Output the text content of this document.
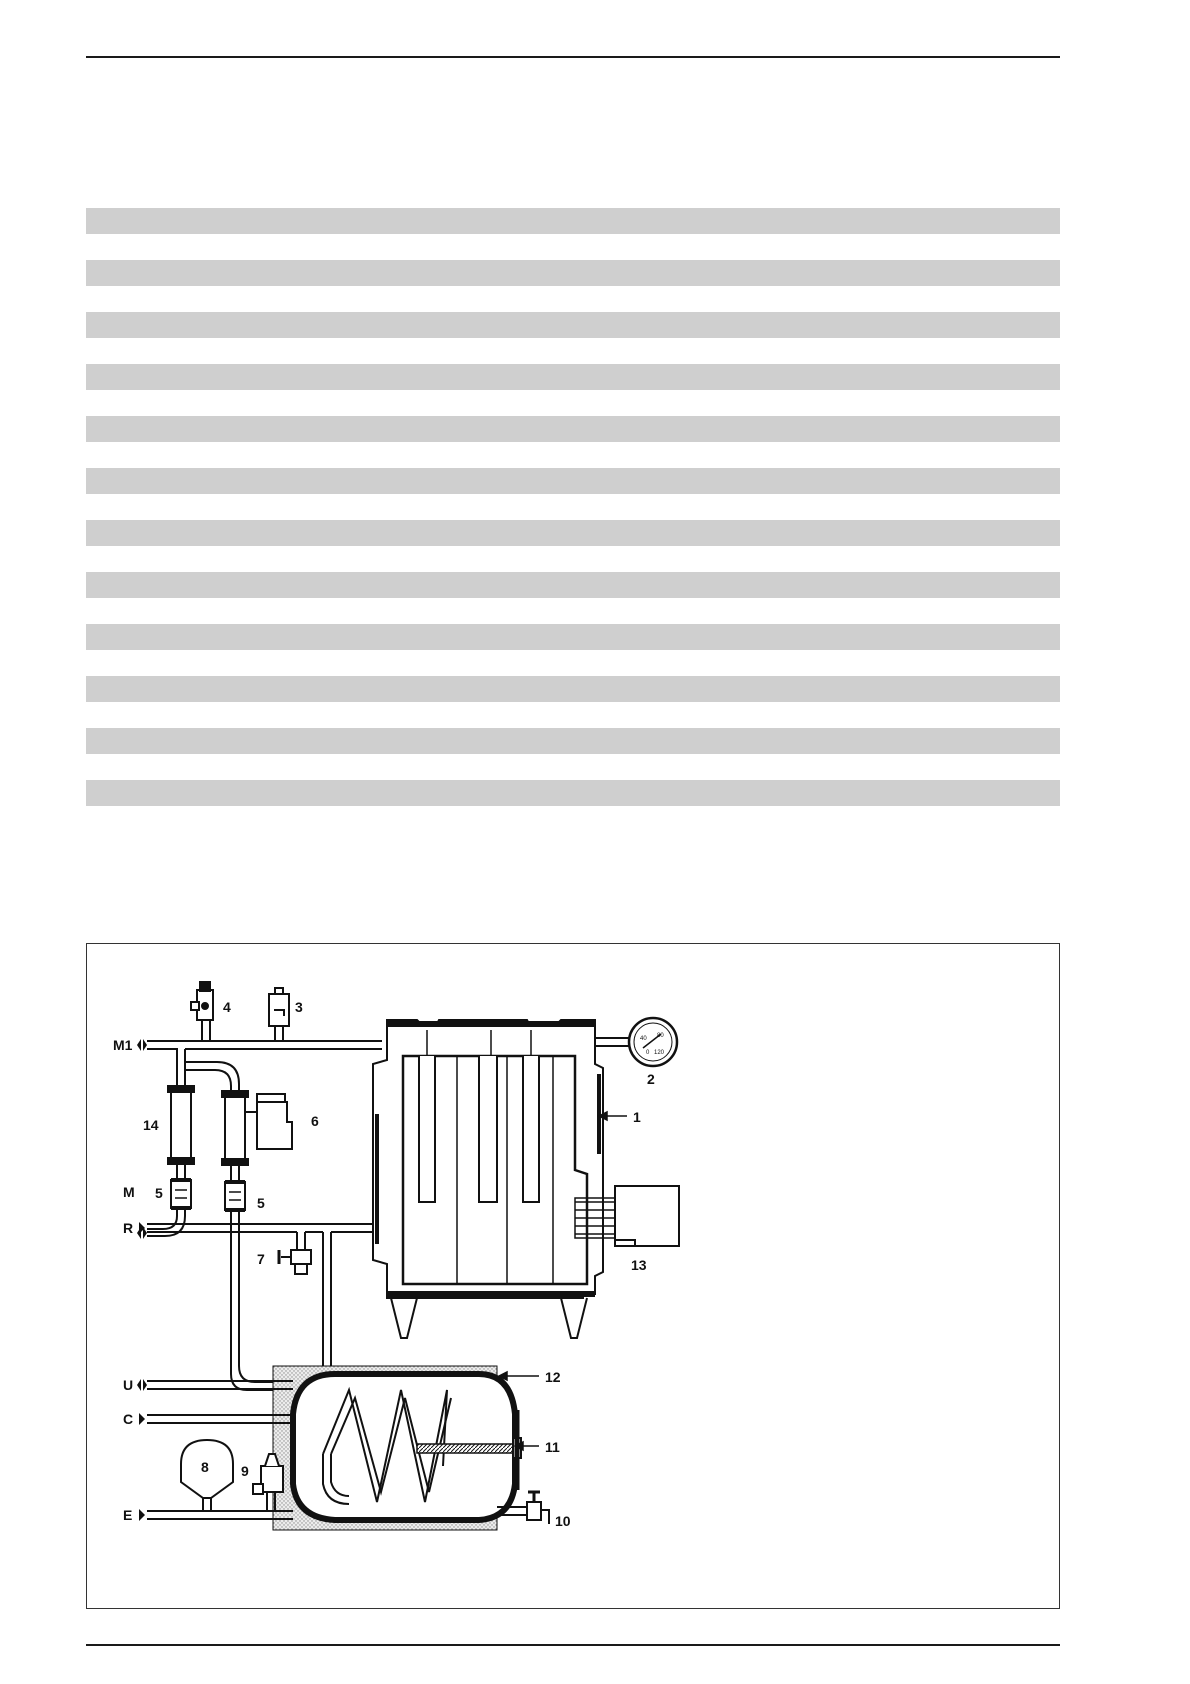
M1
M
U
C
E
1
2
3
4
5
5
6
7
8 9
10
11
12
13
14
40 80
0 120
R
